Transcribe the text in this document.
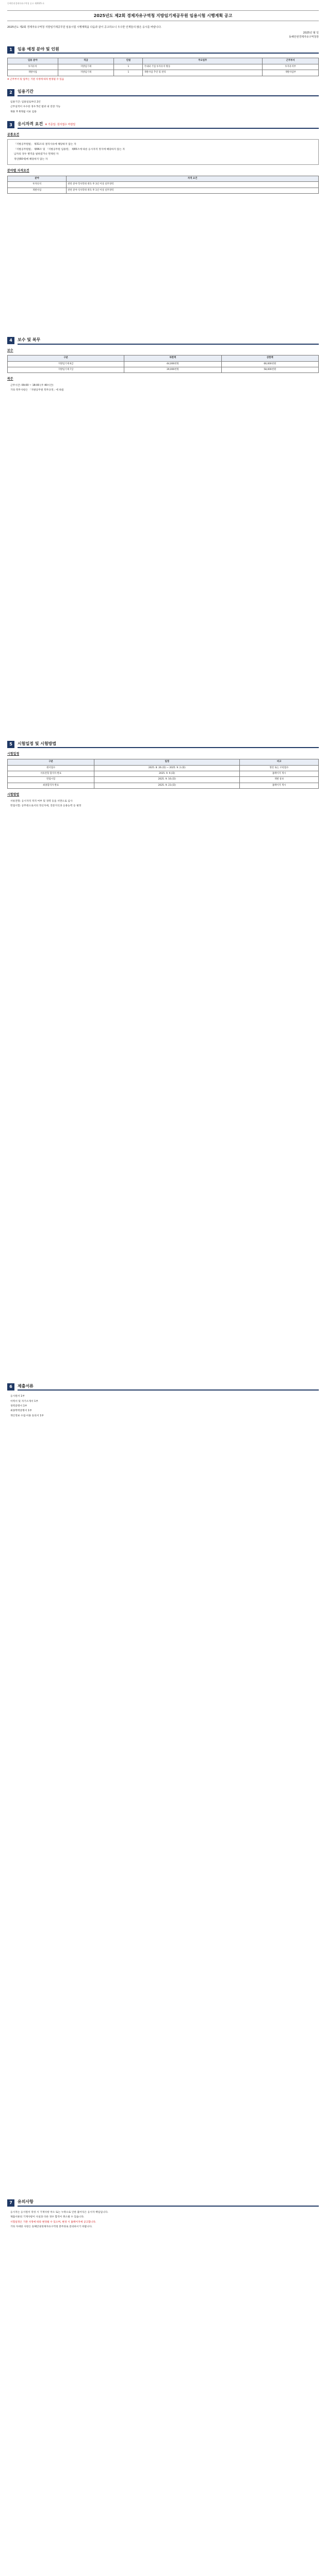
동해안권경제자유구역청 공고 제2025-호
2025년도 제2회 경제자유구역청 지방임기제공무원 임용시험 시행계획 공고
2025년도 제2회 경제자유구역청 지방임기제공무원 임용시험 시행계획을 다음과 같이 공고하오니 우수한 인재들의 많은 응시를 바랍니다.
2025년 월 일
동해안권경제자유구역청장
1	임용 예정 분야 및 인원
임용 분야	직급	인원	주요업무	근무부서
투자유치	지방임기제	1	국내외 기업 투자유치 활동	투자유치부
개발사업	지방임기제	1	개발사업 추진 및 관리	개발사업부
※ 근무부서 및 업무는 기관 사정에 따라 변경될 수 있음
2	임용기간
임용기간: 임용일로부터 2년
근무실적이 우수한 경우 5년 범위 내 연장 가능
채용 후 6개월 시보 임용
3	응시자격 요건 ※ 기준일: 원서접수 마감일
공통요건
「지방공무원법」 제31조의 결격사유에 해당하지 않는 자
「지방공무원법」 제66조 및 「지방공무원 임용령」 제65조에 따른 응시자격 정지에 해당하지 않는 자
남자의 경우 병역을 필하였거나 면제된 자
정년(60세)에 해당하지 않는 자
분야별 자격요건
분야	자격 요건
투자유치	관련 분야 학사학위 취득 후 3년 이상 실무경력
개발사업	관련 분야 석사학위 취득 후 1년 이상 실무경력
4	보수 및 복무
보수
구분	하한액	상한액
지방임기제 6급	44,000천원	66,000천원
지방임기제 7급	39,000천원	58,000천원
복무
근무시간: 09:00 ~ 18:00 (주 40시간)
기타 복무사항은 「지방공무원 복무규정」에 따름
5	시험일정 및 시험방법
시험일정
구분	일정	비고
원서접수	2025. 8. 26.(화) ~ 2025. 9. 2.(화)	방문 또는 우편접수
서류전형 합격자 발표	2025. 9. 9.(화)	홈페이지 게시
면접시험	2025. 9. 16.(화)	개별 통보
최종합격자 발표	2025. 9. 23.(화)	홈페이지 게시
시험방법
서류전형: 응시자격 적격 여부 및 경력 등을 서면으로 심사
면접시험: 공무원으로서의 정신자세, 전문지식과 응용능력 등 평정
6	제출서류
응시원서 1부
이력서 및 자기소개서 1부
경력증명서 1부
최종학력증명서 1부
개인정보 수집·이용 동의서 1부
7	유의사항
응시자는 응시원서 작성 시 기재사항 착오 또는 누락으로 인한 불이익은 응시자 책임입니다.
제출서류의 기재사항이 사실과 다른 경우 합격이 취소될 수 있습니다.
시험일정은 기관 사정에 따라 변경될 수 있으며, 변경 시 홈페이지에 공고합니다.
기타 자세한 사항은 동해안권경제자유구역청 총무과로 문의하시기 바랍니다.
